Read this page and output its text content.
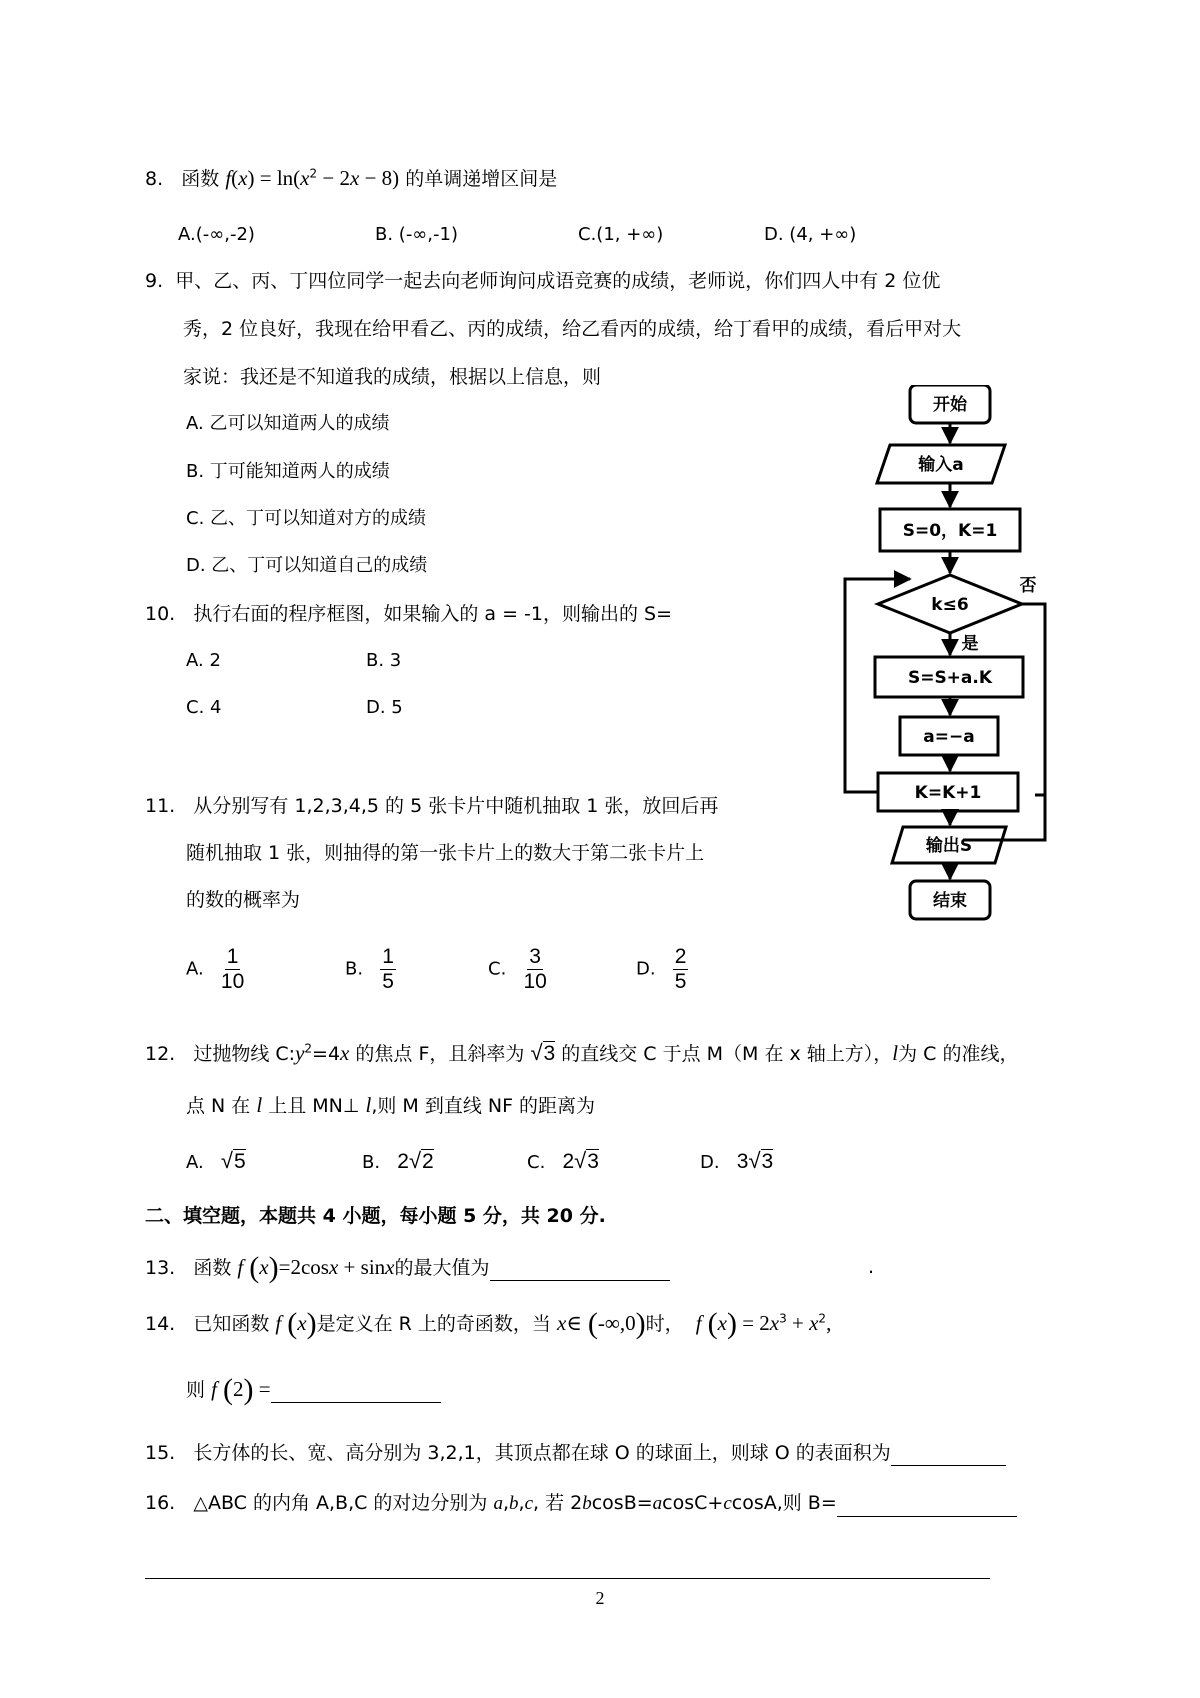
8. 函数 $f(x) = \ln(x^2 - 2x - 8)$ 的单调递增区间是
A.(-∞,-2)	B. (-∞,-1)	C.(1, +∞)	D. (4, +∞)
9. 甲、乙、丙、丁四位同学一起去向老师询问成语竞赛的成绩，老师说，你们四人中有 2 位优
秀，2 位良好，我现在给甲看乙、丙的成绩，给乙看丙的成绩，给丁看甲的成绩，看后甲对大
家说：我还是不知道我的成绩，根据以上信息，则
A. 乙可以知道两人的成绩
B. 丁可能知道两人的成绩
C. 乙、丁可以知道对方的成绩
D. 乙、丁可以知道自己的成绩
10. 执行右面的程序框图，如果输入的 a = -1，则输出的 S=
A. 2	B. 3
C. 4	D. 5
开始
输入a
S=0，K=1
k≤6
否
是
S=S+a.K
a=−a
K=K+1
输出S
结束
11. 从分别写有 1,2,3,4,5 的 5 张卡片中随机抽取 1 张，放回后再
随机抽取 1 张，则抽得的第一张卡片上的数大于第二张卡片上
的数的概率为
A. $\frac{1}{10}$	B. $\frac{1}{5}$	C. $\frac{3}{10}$	D. $\frac{2}{5}$
12. 过抛物线 $C:y^2=4x$ 的焦点 F，且斜率为 √3 的直线交 C 于点 M（M 在 x 轴上方），l为 C 的准线，
点 N 在 l 上且 MN⊥ l,则 M 到直线 NF 的距离为
A. √5	B. 2√2	C. 2√3	D. 3√3
二、填空题，本题共 4 小题，每小题 5 分，共 20 分.
13. 函数 f (x)=2cosx + sinx的最大值为	.
14. 已知函数 f (x)是定义在 R 上的奇函数，当 x∈ (-∞,0)时， f $(x) = 2x^3 + x^2$,
则 f (2) =
15. 长方体的长、宽、高分别为 3,2,1，其顶点都在球 O 的球面上，则球 O 的表面积为
16. △ABC 的内角 A,B,C 的对边分别为 a,b,c, 若 2bcosB=acosC+ccosA,则 B=
2
